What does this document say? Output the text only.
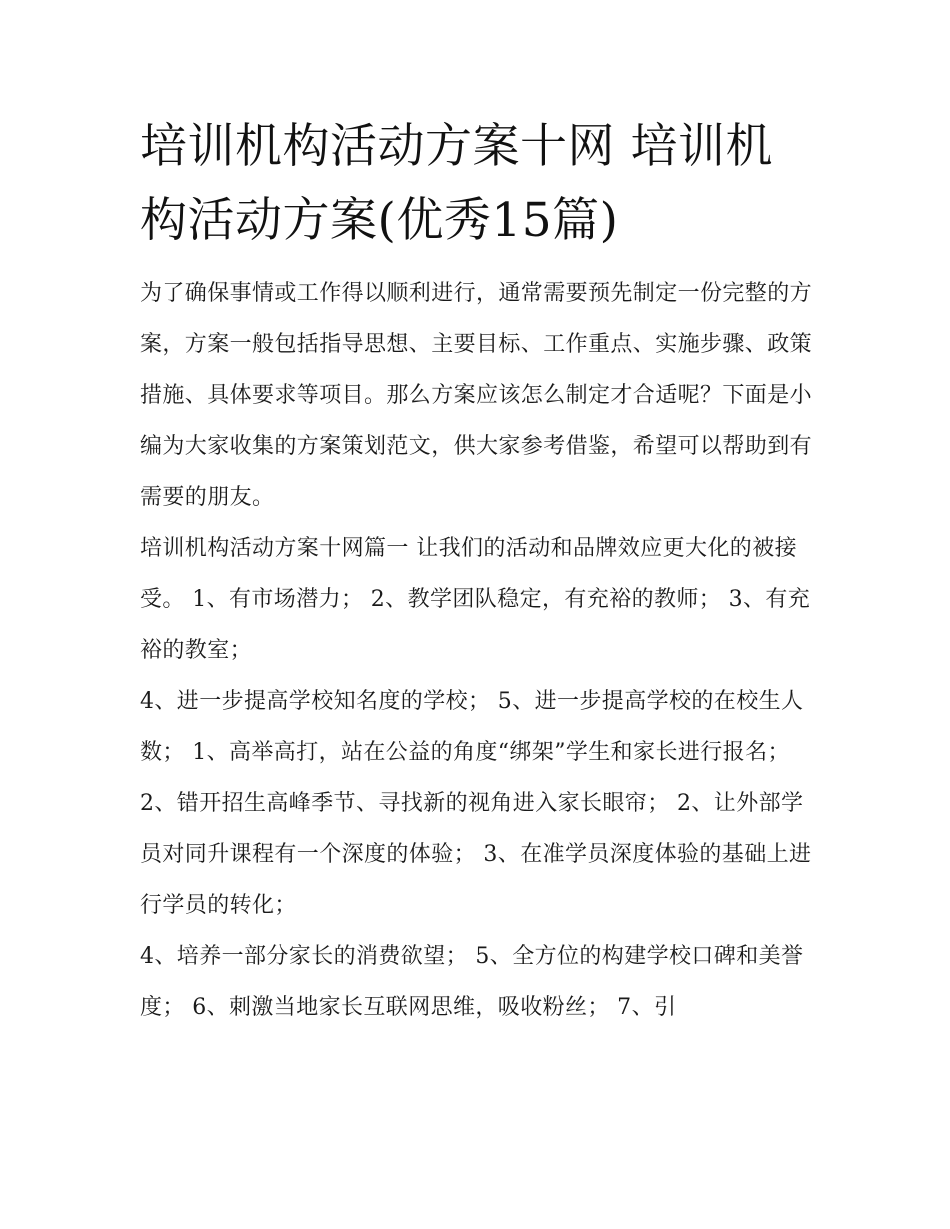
培训机构活动方案十网 培训机构活动方案(优秀15篇)

为了确保事情或工作得以顺利进行，通常需要预先制定一份完整的方案，方案一般包括指导思想、主要目标、工作重点、实施步骤、政策措施、具体要求等项目。那么方案应该怎么制定才合适呢？下面是小编为大家收集的方案策划范文，供大家参考借鉴，希望可以帮助到有需要的朋友。

培训机构活动方案十网篇一 让我们的活动和品牌效应更大化的被接受。 1、有市场潜力； 2、教学团队稳定，有充裕的教师； 3、有充裕的教室；

4、进一步提高学校知名度的学校； 5、进一步提高学校的在校生人数； 1、高举高打，站在公益的角度“绑架”学生和家长进行报名；

2、错开招生高峰季节、寻找新的视角进入家长眼帘； 2、让外部学员对同升课程有一个深度的体验； 3、在准学员深度体验的基础上进行学员的转化；

4、培养一部分家长的消费欲望； 5、全方位的构建学校口碑和美誉度； 6、刺激当地家长互联网思维，吸收粉丝； 7、引
